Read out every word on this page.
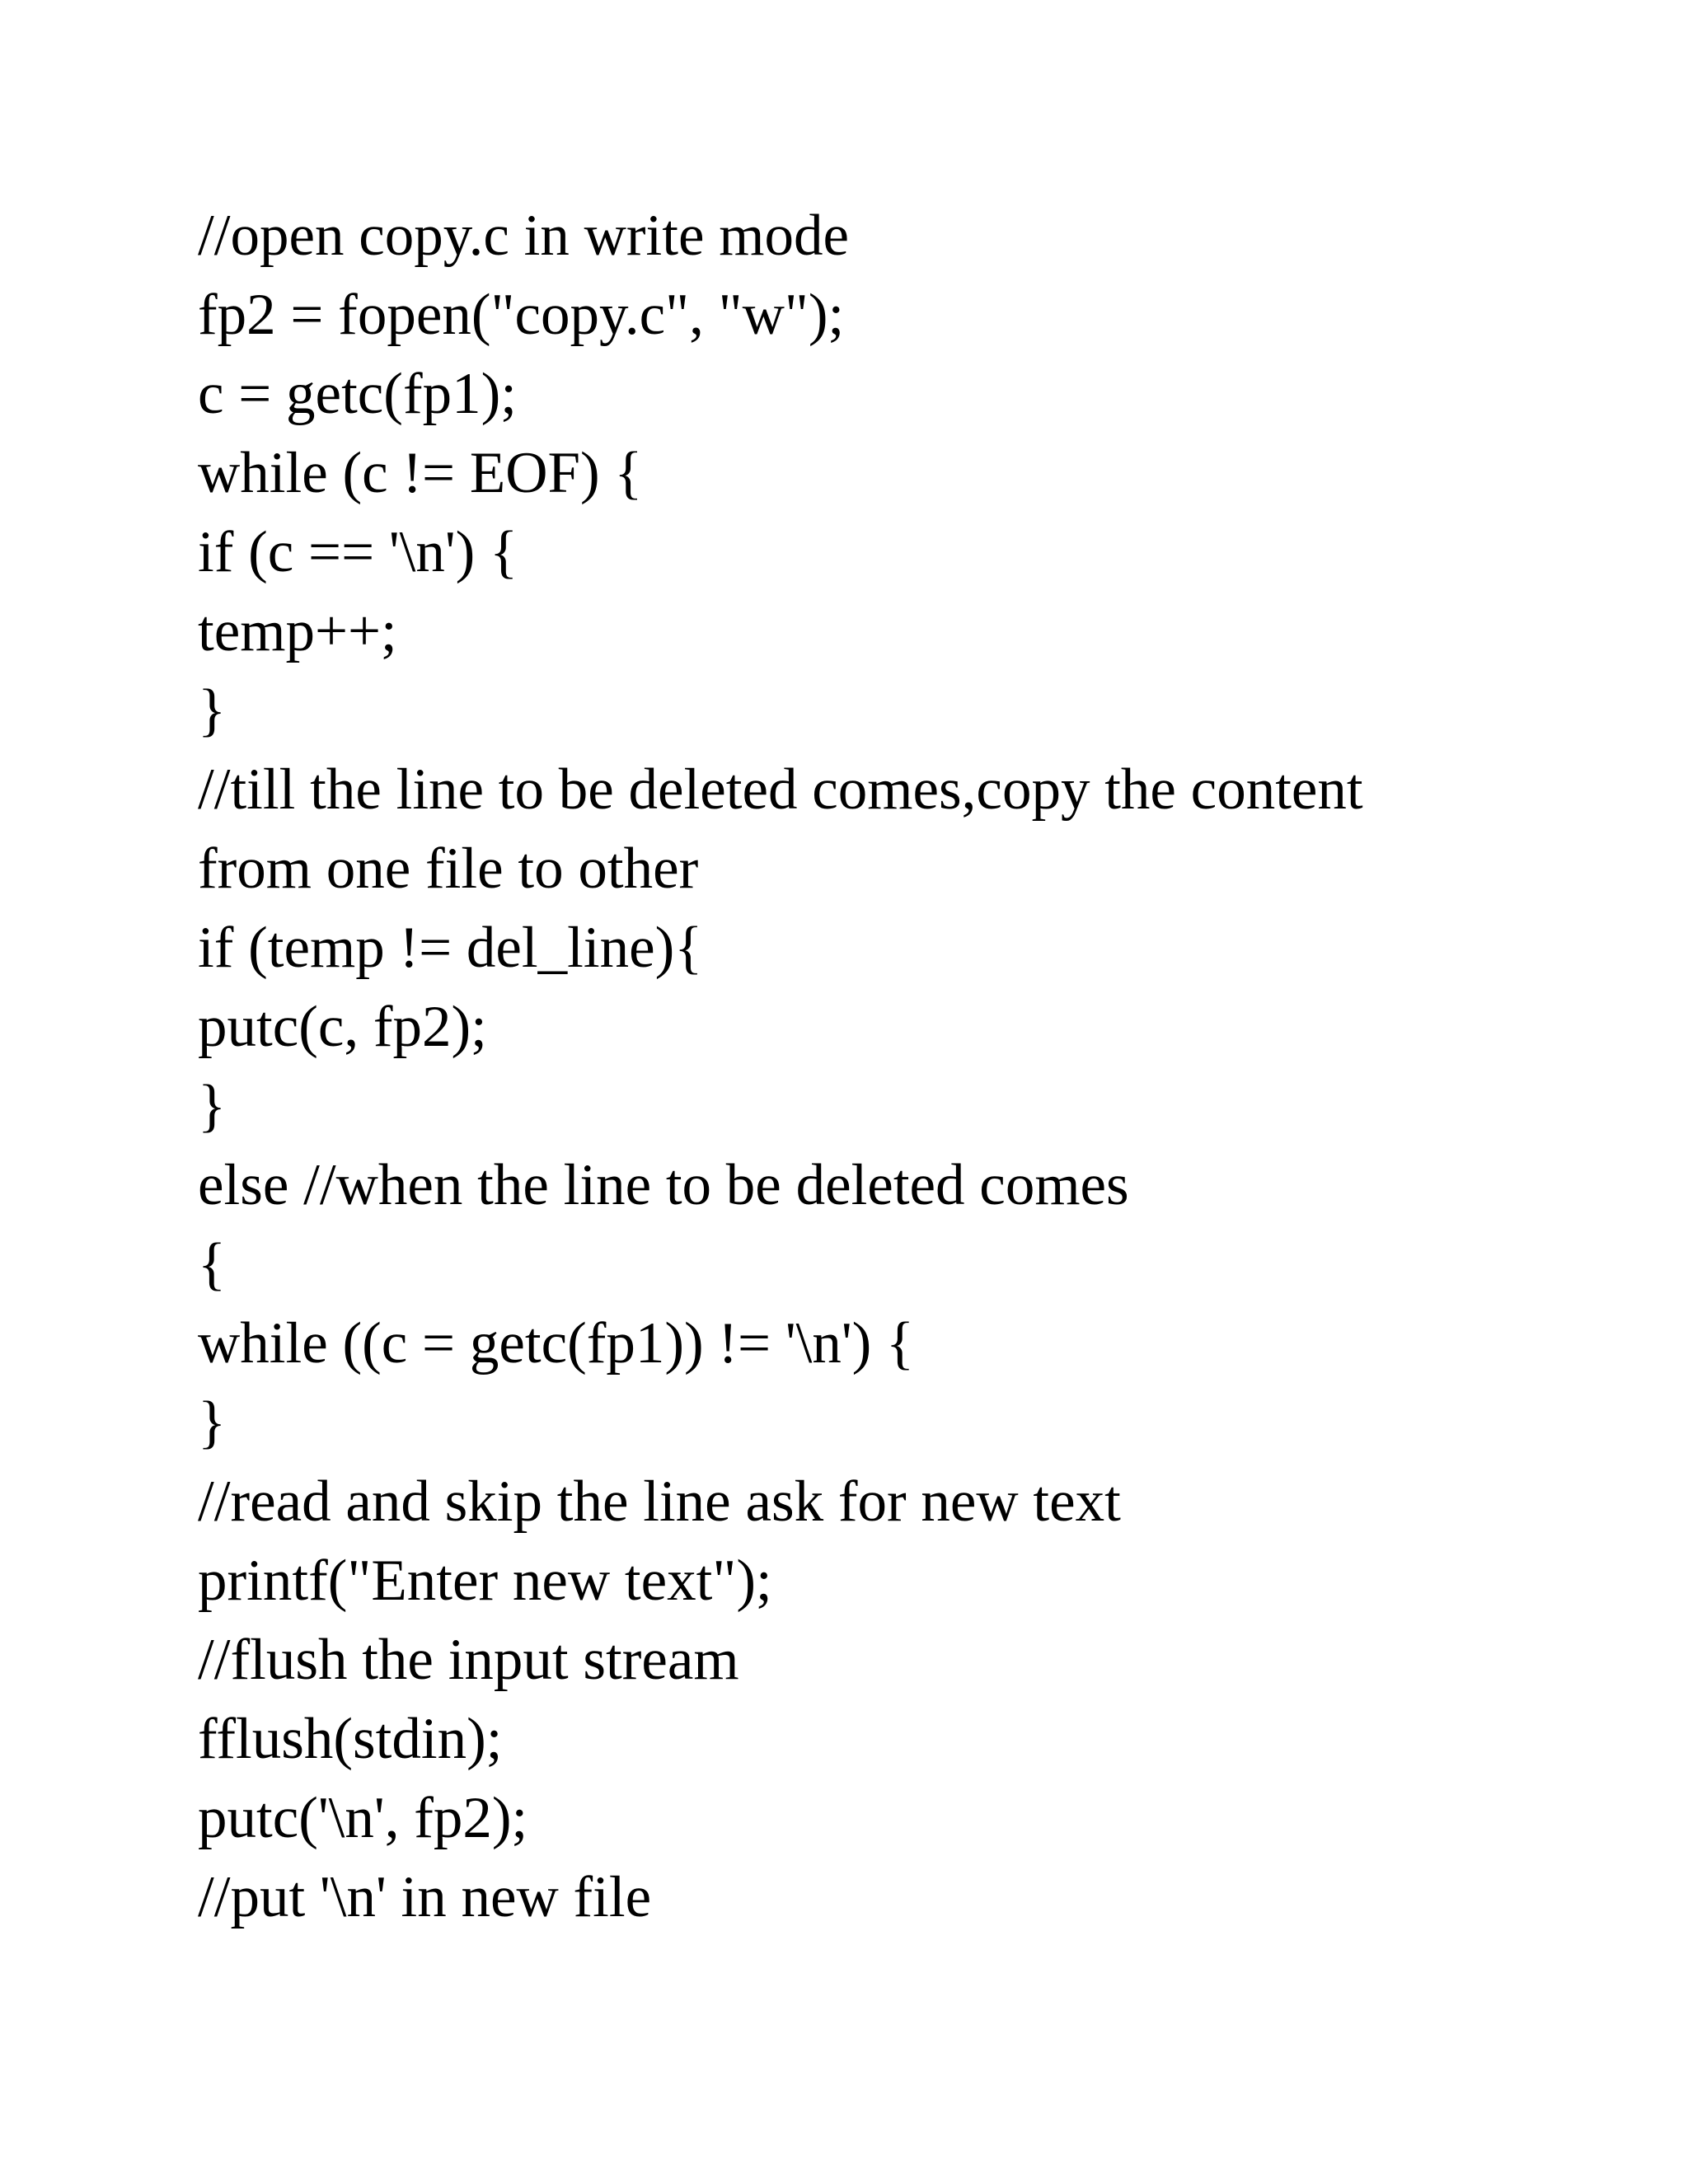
//open copy.c in write mode
fp2 = fopen("copy.c", "w");
c = getc(fp1);
while (c != EOF) {
if (c == '\n') {
temp++;
}
//till the line to be deleted comes,copy the content
from one file to other
if (temp != del_line){
putc(c, fp2);
}
else //when the line to be deleted comes
{
while ((c = getc(fp1)) != '\n') {
}
//read and skip the line ask for new text
printf("Enter new text");
//flush the input stream
fflush(stdin);
putc('\n', fp2);
//put '\n' in new file
